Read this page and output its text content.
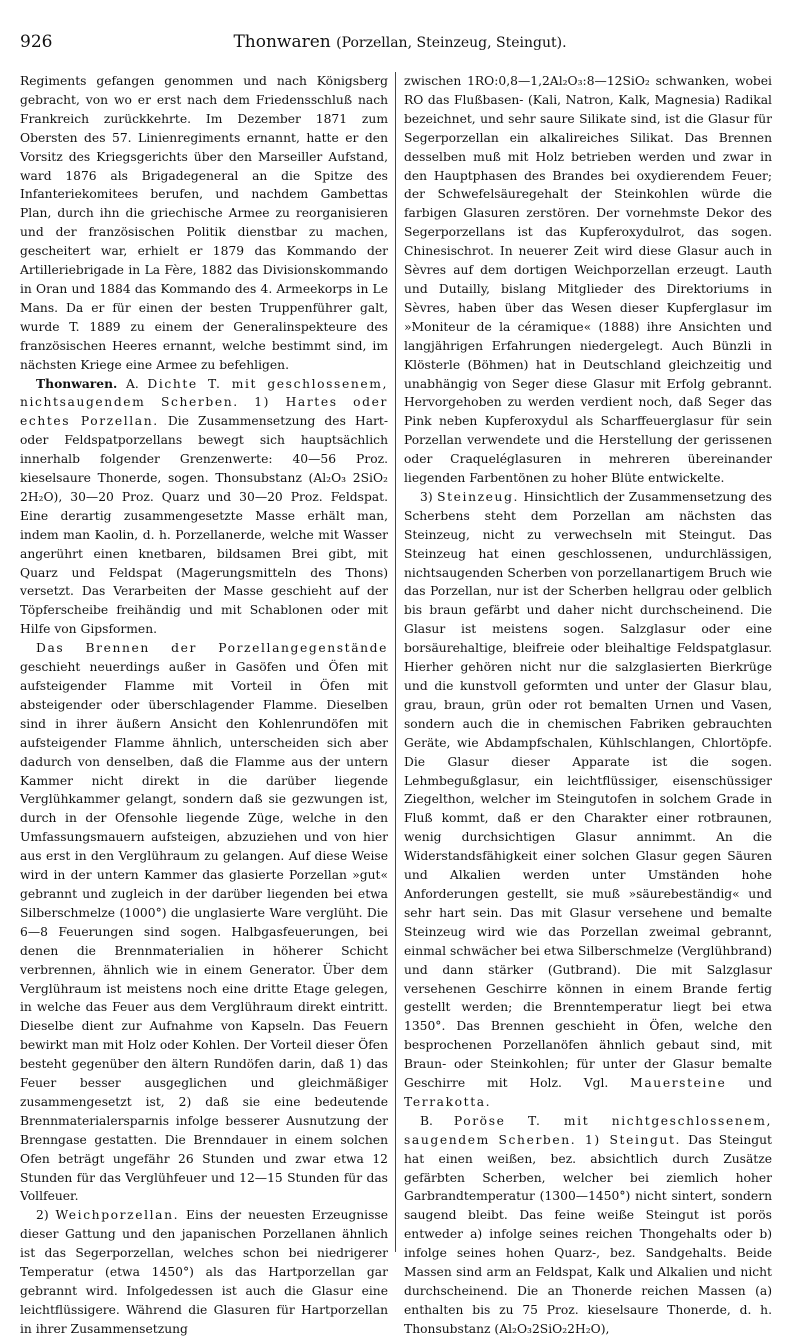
926	Thonwaren (Porzellan, Steinzeug, Steingut).

Regiments gefangen genommen und nach Königsberg gebracht, von wo er erst nach dem Friedensschluß nach Frankreich zurückkehrte. Im Dezember 1871 zum Obersten des 57. Linienregiments ernannt, hatte er den Vorsitz des Kriegsgerichts über den Marseiller Aufstand, ward 1876 als Brigadegeneral an die Spitze des Infanteriekomitees berufen, und nachdem Gambettas Plan, durch ihn die griechische Armee zu reorganisieren und der französischen Politik dienstbar zu machen, gescheitert war, erhielt er 1879 das Kommando der Artilleriebrigade in La Fère, 1882 das Divisionskommando in Oran und 1884 das Kommando des 4. Armeekorps in Le Mans. Da er für einen der besten Truppenführer galt, wurde T. 1889 zu einem der Generalinspekteure des französischen Heeres ernannt, welche bestimmt sind, im nächsten Kriege eine Armee zu befehligen.

Thonwaren. A. Dichte T. mit geschlossenem, nichtsaugendem Scherben. 1) Hartes oder echtes Porzellan. Die Zusammensetzung des Hart- oder Feldspatporzellans bewegt sich hauptsächlich innerhalb folgender Grenzenwerte: 40—56 Proz. kieselsaure Thonerde, sogen. Thonsubstanz (Al₂O₃ 2SiO₂ 2H₂O), 30—20 Proz. Quarz und 30—20 Proz. Feldspat. Eine derartig zusammengesetzte Masse erhält man, indem man Kaolin, d. h. Porzellanerde, welche mit Wasser angerührt einen knetbaren, bildsamen Brei gibt, mit Quarz und Feldspat (Magerungsmitteln des Thons) versetzt. Das Verarbeiten der Masse geschieht auf der Töpferscheibe freihändig und mit Schablonen oder mit Hilfe von Gipsformen.

Das Brennen der Porzellangegenstände geschieht neuerdings außer in Gasöfen und Öfen mit aufsteigender Flamme mit Vorteil in Öfen mit absteigender oder überschlagender Flamme. Dieselben sind in ihrer äußern Ansicht den Kohlenrundöfen mit aufsteigender Flamme ähnlich, unterscheiden sich aber dadurch von denselben, daß die Flamme aus der untern Kammer nicht direkt in die darüber liegende Verglühkammer gelangt, sondern daß sie gezwungen ist, durch in der Ofensohle liegende Züge, welche in den Umfassungsmauern aufsteigen, abzuziehen und von hier aus erst in den Verglühraum zu gelangen. Auf diese Weise wird in der untern Kammer das glasierte Porzellan »gut« gebrannt und zugleich in der darüber liegenden bei etwa Silberschmelze (1000°) die unglasierte Ware verglüht. Die 6—8 Feuerungen sind sogen. Halbgasfeuerungen, bei denen die Brennmaterialien in höherer Schicht verbrennen, ähnlich wie in einem Generator. Über dem Verglühraum ist meistens noch eine dritte Etage gelegen, in welche das Feuer aus dem Verglühraum direkt eintritt. Dieselbe dient zur Aufnahme von Kapseln. Das Feuern bewirkt man mit Holz oder Kohlen. Der Vorteil dieser Öfen besteht gegenüber den ältern Rundöfen darin, daß 1) das Feuer besser ausgeglichen und gleichmäßiger zusammengesetzt ist, 2) daß sie eine bedeutende Brennmaterialersparnis infolge besserer Ausnutzung der Brenngase gestatten. Die Brenndauer in einem solchen Ofen beträgt ungefähr 26 Stunden und zwar etwa 12 Stunden für das Verglühfeuer und 12—15 Stunden für das Vollfeuer.

2) Weichporzellan. Eins der neuesten Erzeugnisse dieser Gattung und den japanischen Porzellanen ähnlich ist das Segerporzellan, welches schon bei niedrigerer Temperatur (etwa 1450°) als das Hartporzellan gar gebrannt wird. Infolgedessen ist auch die Glasur eine leichtflüssigere. Während die Glasuren für Hartporzellan in ihrer Zusammensetzung

zwischen 1RO:0,8—1,2Al₂O₃:8—12SiO₂ schwanken, wobei RO das Flußbasen- (Kali, Natron, Kalk, Magnesia) Radikal bezeichnet, und sehr saure Silikate sind, ist die Glasur für Segerporzellan ein alkalireiches Silikat. Das Brennen desselben muß mit Holz betrieben werden und zwar in den Hauptphasen des Brandes bei oxydierendem Feuer; der Schwefelsäuregehalt der Steinkohlen würde die farbigen Glasuren zerstören. Der vornehmste Dekor des Segerporzellans ist das Kupferoxydulrot, das sogen. Chinesischrot. In neuerer Zeit wird diese Glasur auch in Sèvres auf dem dortigen Weichporzellan erzeugt. Lauth und Dutailly, bislang Mitglieder des Direktoriums in Sèvres, haben über das Wesen dieser Kupferglasur im »Moniteur de la céramique« (1888) ihre Ansichten und langjährigen Erfahrungen niedergelegt. Auch Bünzli in Klösterle (Böhmen) hat in Deutschland gleichzeitig und unabhängig von Seger diese Glasur mit Erfolg gebrannt. Hervorgehoben zu werden verdient noch, daß Seger das Pink neben Kupferoxydul als Scharffeuerglasur für sein Porzellan verwendete und die Herstellung der gerissenen oder Craqueléglasuren in mehreren übereinander liegenden Farbentönen zu hoher Blüte entwickelte.

3) Steinzeug. Hinsichtlich der Zusammensetzung des Scherbens steht dem Porzellan am nächsten das Steinzeug, nicht zu verwechseln mit Steingut. Das Steinzeug hat einen geschlossenen, undurchlässigen, nichtsaugenden Scherben von porzellanartigem Bruch wie das Porzellan, nur ist der Scherben hellgrau oder gelblich bis braun gefärbt und daher nicht durchscheinend. Die Glasur ist meistens sogen. Salzglasur oder eine borsäurehaltige, bleifreie oder bleihaltige Feldspatglasur. Hierher gehören nicht nur die salzglasierten Bierkrüge und die kunstvoll geformten und unter der Glasur blau, grau, braun, grün oder rot bemalten Urnen und Vasen, sondern auch die in chemischen Fabriken gebrauchten Geräte, wie Abdampfschalen, Kühlschlangen, Chlortöpfe. Die Glasur dieser Apparate ist die sogen. Lehmbegußglasur, ein leichtflüssiger, eisenschüssiger Ziegelthon, welcher im Steingutofen in solchem Grade in Fluß kommt, daß er den Charakter einer rotbraunen, wenig durchsichtigen Glasur annimmt. An die Widerstandsfähigkeit einer solchen Glasur gegen Säuren und Alkalien werden unter Umständen hohe Anforderungen gestellt, sie muß »säurebeständig« und sehr hart sein. Das mit Glasur versehene und bemalte Steinzeug wird wie das Porzellan zweimal gebrannt, einmal schwächer bei etwa Silberschmelze (Verglühbrand) und dann stärker (Gutbrand). Die mit Salzglasur versehenen Geschirre können in einem Brande fertig gestellt werden; die Brenntemperatur liegt bei etwa 1350°. Das Brennen geschieht in Öfen, welche den besprochenen Porzellanöfen ähnlich gebaut sind, mit Braun- oder Steinkohlen; für unter der Glasur bemalte Geschirre mit Holz. Vgl. Mauersteine und Terrakotta.

B. Poröse T. mit nichtgeschlossenem, saugendem Scherben. 1) Steingut. Das Steingut hat einen weißen, bez. absichtlich durch Zusätze gefärbten Scherben, welcher bei ziemlich hoher Garbrandtemperatur (1300—1450°) nicht sintert, sondern saugend bleibt. Das feine weiße Steingut ist porös entweder a) infolge seines reichen Thongehalts oder b) infolge seines hohen Quarz-, bez. Sandgehalts. Beide Massen sind arm an Feldspat, Kalk und Alkalien und nicht durchscheinend. Die an Thonerde reichen Massen (a) enthalten bis zu 75 Proz. kieselsaure Thonerde, d. h. Thonsubstanz (Al₂O₃2SiO₂2H₂O),
